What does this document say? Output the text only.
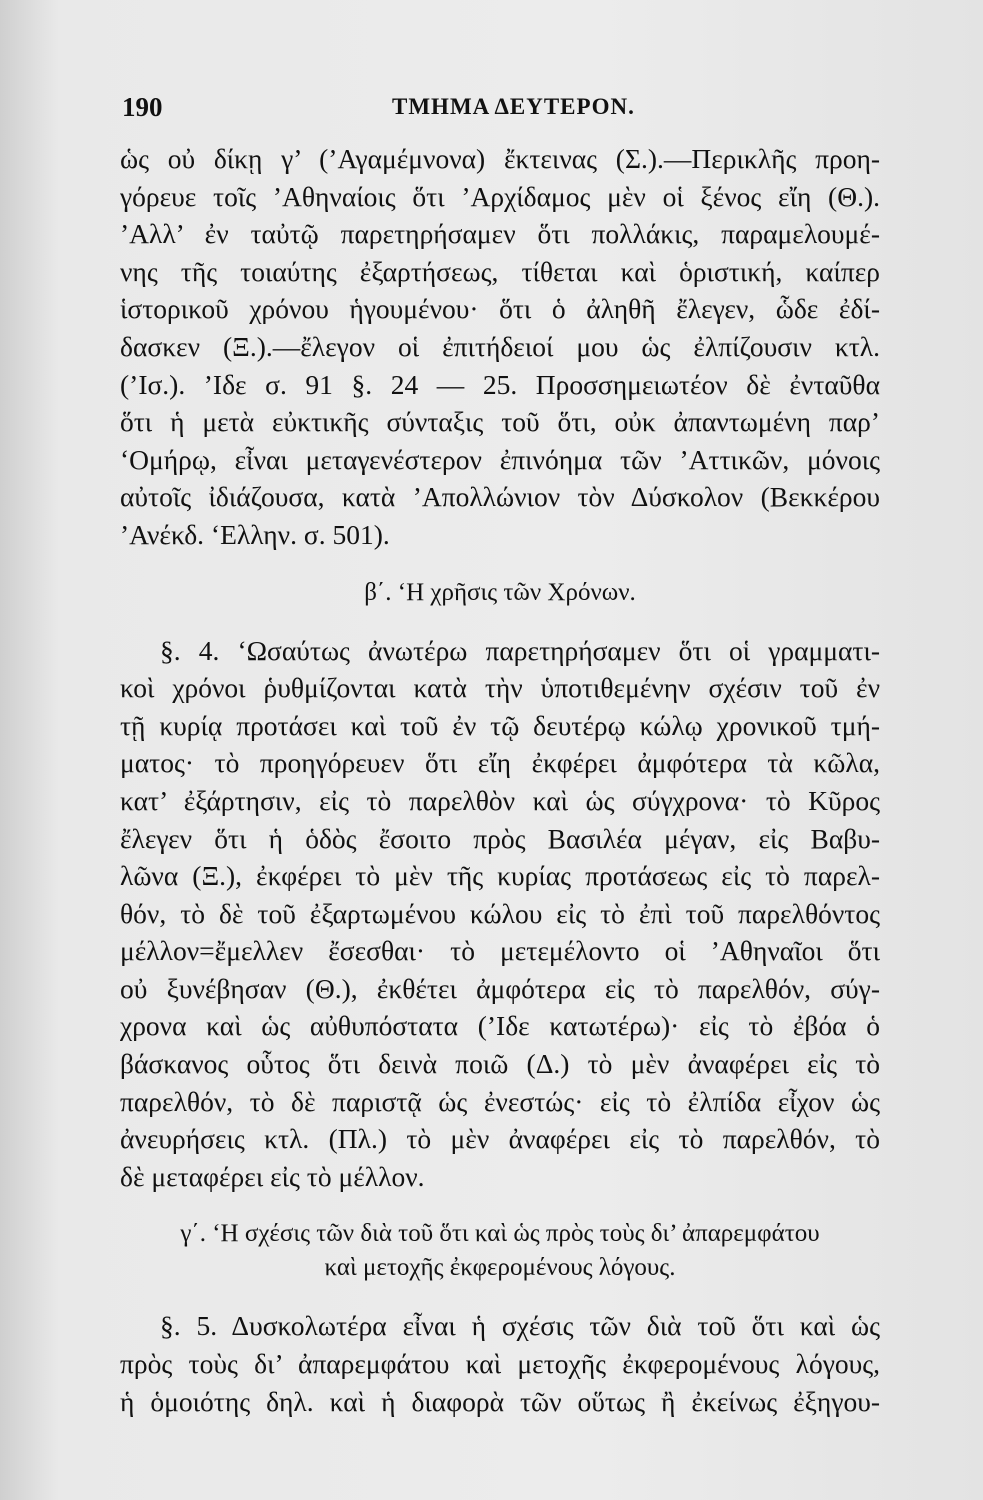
190	ΤΜΗΜΑ ΔΕΥΤΕΡΟΝ.
ὡς οὐ δίκῃ γ’ (’Αγαμέμνονα) ἔκτεινας (Σ.).—Περικλῆς προη-
γόρευε τοῖς ’Αθηναίοις ὅτι ’Αρχίδαμος μὲν οἱ ξένος εἴη (Θ.).
’Αλλ’ ἐν ταὐτῷ παρετηρήσαμεν ὅτι πολλάκις, παραμελουμέ-
νης τῆς τοιαύτης ἐξαρτήσεως, τίθεται καὶ ὁριστική, καίπερ
ἱστορικοῦ χρόνου ἡγουμένου· ὅτι ὁ ἀληθῆ ἔλεγεν, ὧδε ἐδί-
δασκεν (Ξ.).—ἔλεγον οἱ ἐπιτήδειοί μου ὡς ἐλπίζουσιν κτλ.
(’Ισ.). ’Ιδε σ. 91 §. 24 — 25. Προσσημειωτέον δὲ ἐνταῦθα
ὅτι ἡ μετὰ εὐκτικῆς σύνταξις τοῦ ὅτι, οὐκ ἀπαντωμένη παρ’
‘Ομήρῳ, εἶναι μεταγενέστερον ἐπινόημα τῶν ’Αττικῶν, μόνοις
αὐτοῖς ἰδιάζουσα, κατὰ ’Απολλώνιον τὸν Δύσκολον (Βεκκέρου
’Ανέκδ. ‘Ελλην. σ. 501).
β΄. ‘Η χρῆσις τῶν Χρόνων.
§. 4. ‘Ωσαύτως ἀνωτέρω παρετηρήσαμεν ὅτι οἱ γραμματι-
κοὶ χρόνοι ῥυθμίζονται κατὰ τὴν ὑποτιθεμένην σχέσιν τοῦ ἐν
τῇ κυρίᾳ προτάσει καὶ τοῦ ἐν τῷ δευτέρῳ κώλῳ χρονικοῦ τμή-
ματος· τὸ προηγόρευεν ὅτι εἴη ἐκφέρει ἀμφότερα τὰ κῶλα,
κατ’ ἐξάρτησιν, εἰς τὸ παρελθὸν καὶ ὡς σύγχρονα· τὸ Κῦρος
ἔλεγεν ὅτι ἡ ὁδὸς ἔσοιτο πρὸς Βασιλέα μέγαν, εἰς Βαβυ-
λῶνα (Ξ.), ἐκφέρει τὸ μὲν τῆς κυρίας προτάσεως εἰς τὸ παρελ-
θόν, τὸ δὲ τοῦ ἐξαρτωμένου κώλου εἰς τὸ ἐπὶ τοῦ παρελθόντος
μέλλον=ἔμελλεν ἔσεσθαι· τὸ μετεμέλοντο οἱ ’Αθηναῖοι ὅτι
οὐ ξυνέβησαν (Θ.), ἐκθέτει ἀμφότερα εἰς τὸ παρελθόν, σύγ-
χρονα καὶ ὡς αὐθυπόστατα (’Ιδε κατωτέρω)· εἰς τὸ ἐβόα ὁ
βάσκανος οὗτος ὅτι δεινὰ ποιῶ (Δ.) τὸ μὲν ἀναφέρει εἰς τὸ
παρελθόν, τὸ δὲ παριστᾷ ὡς ἐνεστώς· εἰς τὸ ἐλπίδα εἶχον ὡς
ἀνευρήσεις κτλ. (Πλ.) τὸ μὲν ἀναφέρει εἰς τὸ παρελθόν, τὸ
δὲ μεταφέρει εἰς τὸ μέλλον.
γ΄. ‘Η σχέσις τῶν διὰ τοῦ ὅτι καὶ ὡς πρὸς τοὺς δι’ ἀπαρεμφάτου
καὶ μετοχῆς ἐκφερομένους λόγους.
§. 5. Δυσκολωτέρα εἶναι ἡ σχέσις τῶν διὰ τοῦ ὅτι καὶ ὡς
πρὸς τοὺς δι’ ἀπαρεμφάτου καὶ μετοχῆς ἐκφερομένους λόγους,
ἡ ὁμοιότης δηλ. καὶ ἡ διαφορὰ τῶν οὕτως ἢ ἐκείνως ἐξηγου-
